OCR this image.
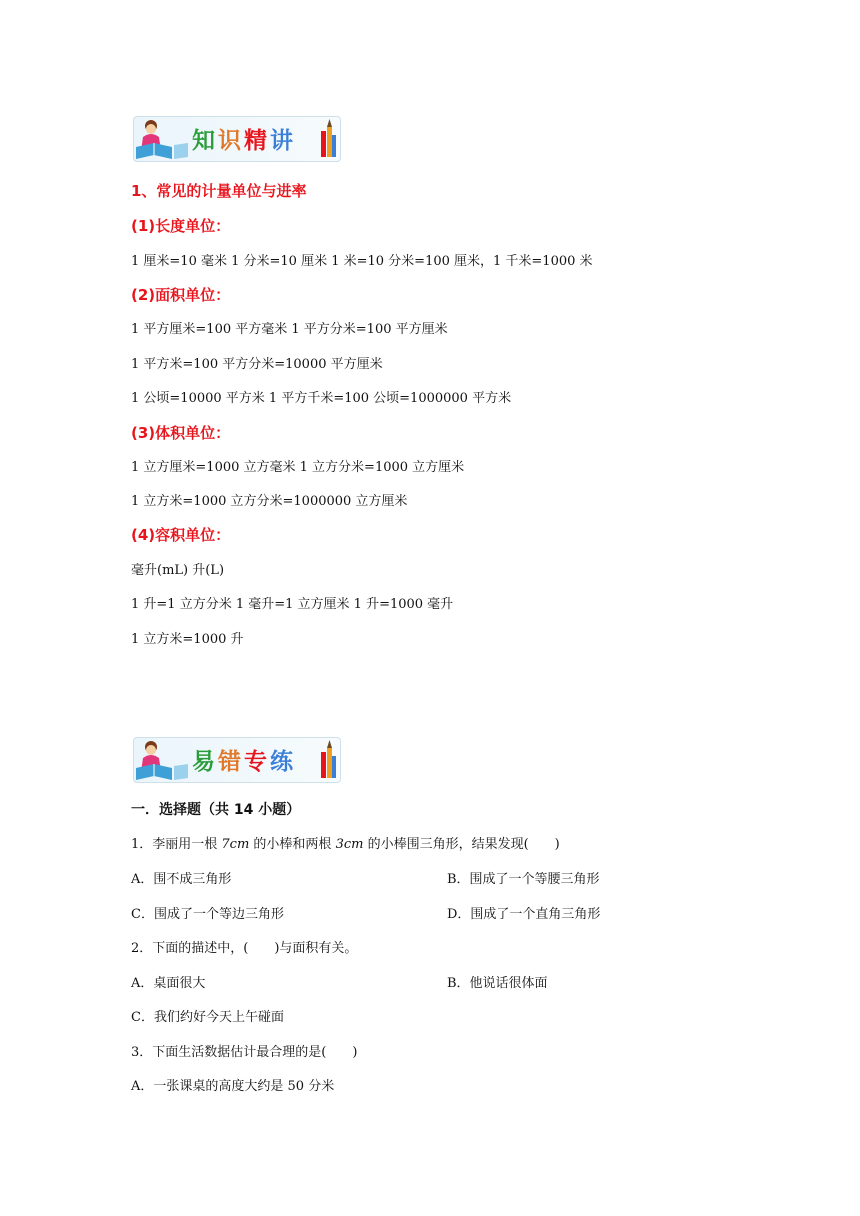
知识精讲
1、常见的计量单位与进率
(1)长度单位：
1 厘米=10 毫米 1 分米=10 厘米 1 米=10 分米=100 厘米，1 千米=1000 米
(2)面积单位：
1 平方厘米=100 平方毫米 1 平方分米=100 平方厘米
1 平方米=100 平方分米=10000 平方厘米
1 公顷=10000 平方米 1 平方千米=100 公顷=1000000 平方米
(3)体积单位：
1 立方厘米=1000 立方毫米 1 立方分米=1000 立方厘米
1 立方米=1000 立方分米=1000000 立方厘米
(4)容积单位：
毫升(mL) 升(L)
1 升=1 立方分米 1 毫升=1 立方厘米 1 升=1000 毫升
1 立方米=1000 升
易错专练
一．选择题（共 14 小题）
1．李丽用一根 7cm 的小棒和两根 3cm 的小棒围三角形，结果发现(　　)
A．围不成三角形	B．围成了一个等腰三角形
C．围成了一个等边三角形	D．围成了一个直角三角形
2．下面的描述中，(　　)与面积有关。
A．桌面很大	B．他说话很体面
C．我们约好今天上午碰面
3．下面生活数据估计最合理的是(　　)
A．一张课桌的高度大约是 50 分米
